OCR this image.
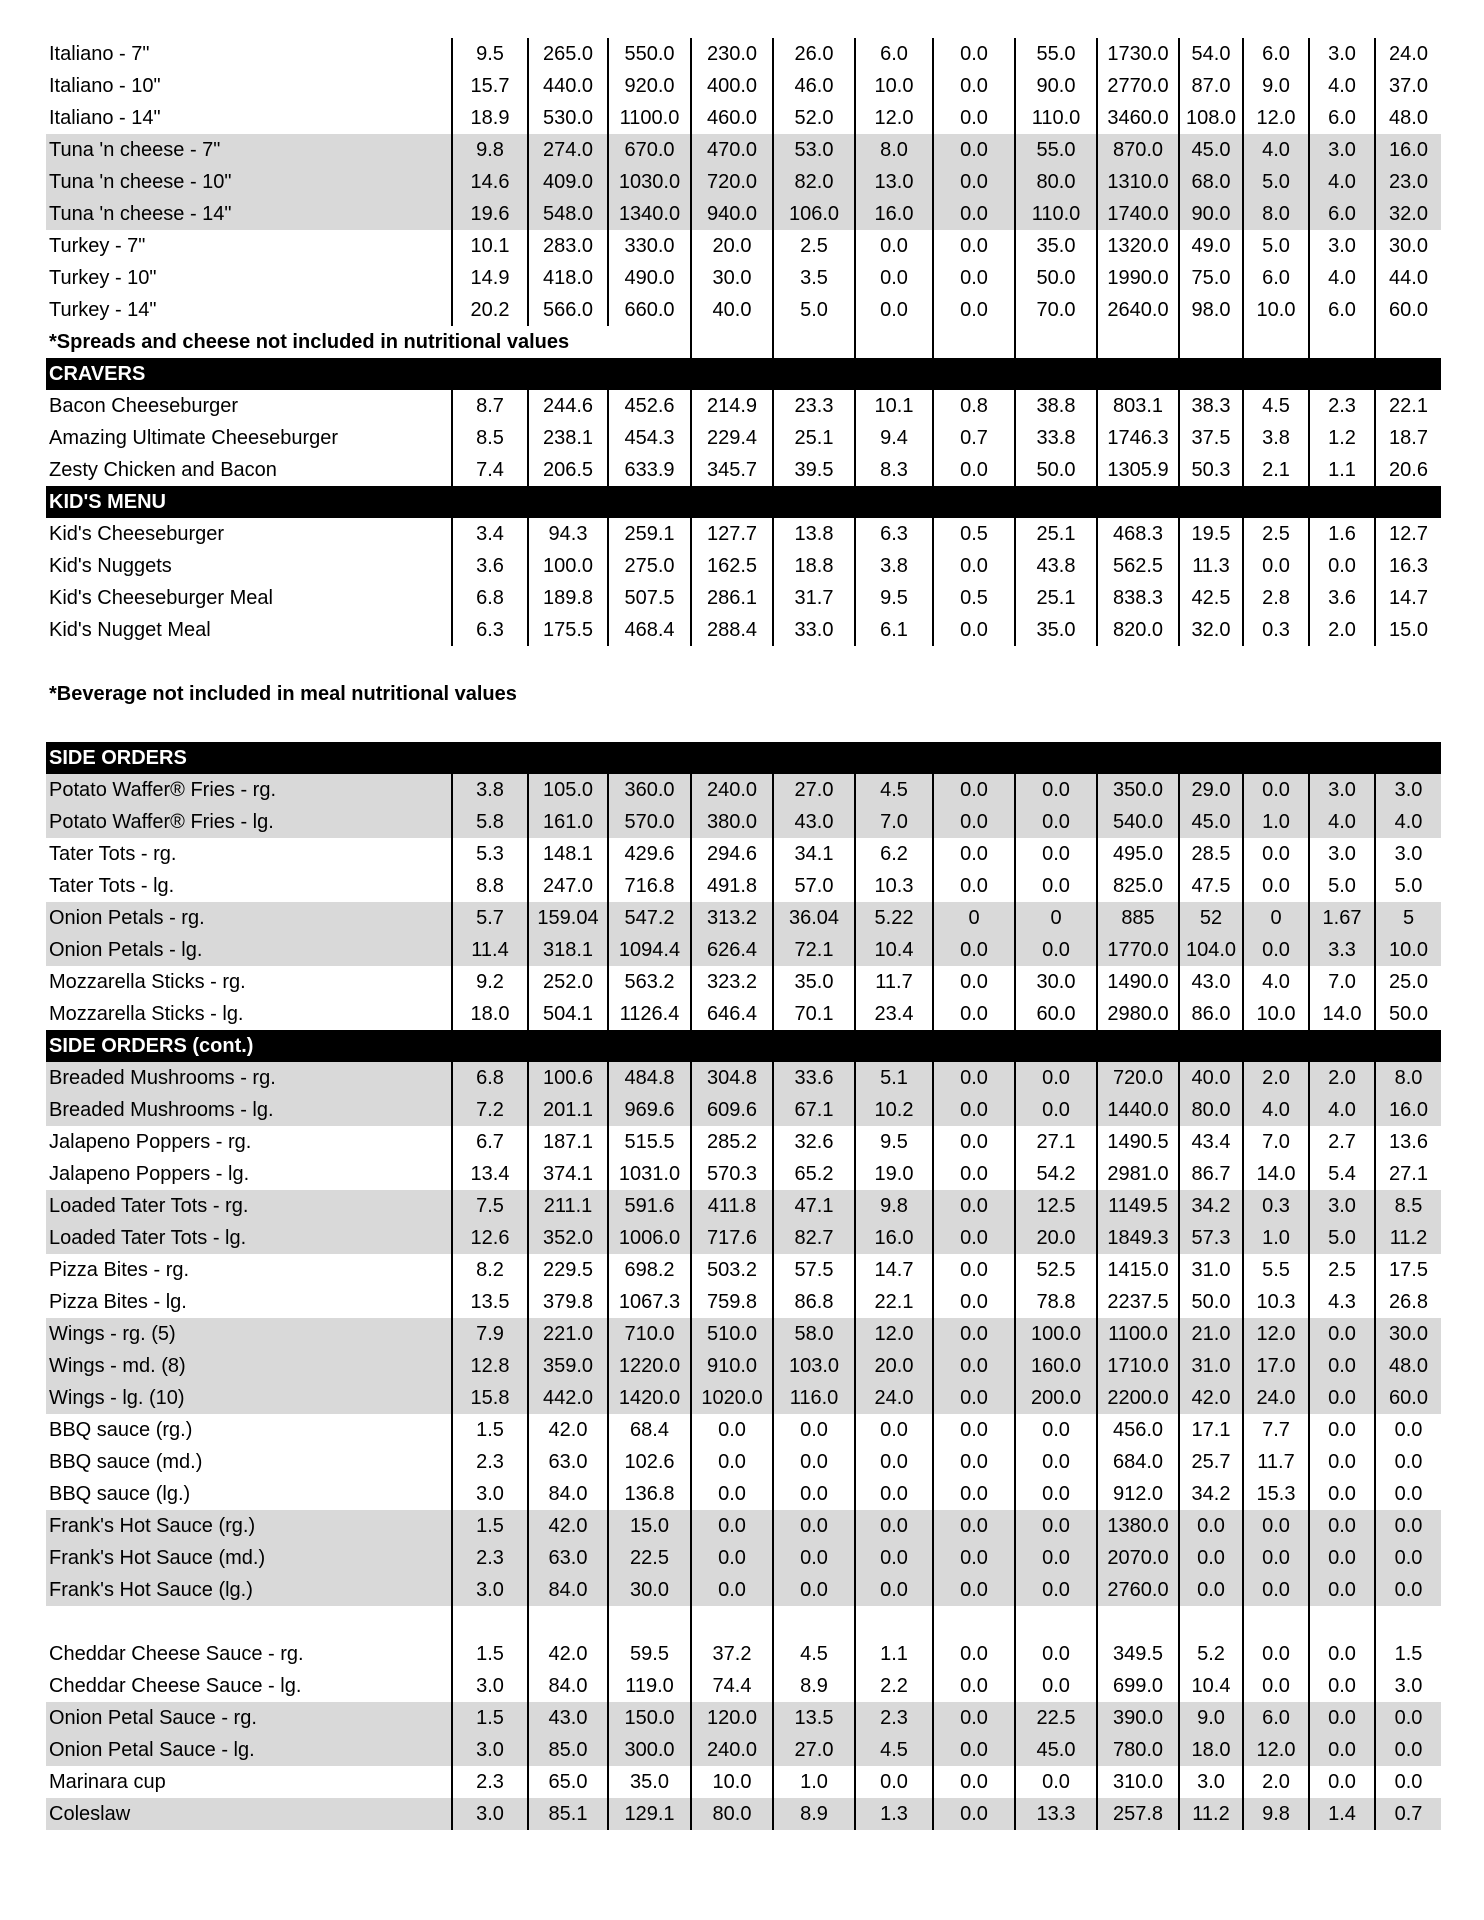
Italiano - 7"	9.5	265.0	550.0	230.0	26.0	6.0	0.0	55.0	1730.0	54.0	6.0	3.0	24.0
Italiano - 10"	15.7	440.0	920.0	400.0	46.0	10.0	0.0	90.0	2770.0	87.0	9.0	4.0	37.0
Italiano - 14"	18.9	530.0	1100.0	460.0	52.0	12.0	0.0	110.0	3460.0	108.0	12.0	6.0	48.0
Tuna 'n cheese - 7"	9.8	274.0	670.0	470.0	53.0	8.0	0.0	55.0	870.0	45.0	4.0	3.0	16.0
Tuna 'n cheese - 10"	14.6	409.0	1030.0	720.0	82.0	13.0	0.0	80.0	1310.0	68.0	5.0	4.0	23.0
Tuna 'n cheese - 14"	19.6	548.0	1340.0	940.0	106.0	16.0	0.0	110.0	1740.0	90.0	8.0	6.0	32.0
Turkey - 7"	10.1	283.0	330.0	20.0	2.5	0.0	0.0	35.0	1320.0	49.0	5.0	3.0	30.0
Turkey - 10"	14.9	418.0	490.0	30.0	3.5	0.0	0.0	50.0	1990.0	75.0	6.0	4.0	44.0
Turkey - 14"	20.2	566.0	660.0	40.0	5.0	0.0	0.0	70.0	2640.0	98.0	10.0	6.0	60.0
*Spreads and cheese not included in nutritional values													
CRAVERS													
Bacon Cheeseburger	8.7	244.6	452.6	214.9	23.3	10.1	0.8	38.8	803.1	38.3	4.5	2.3	22.1
Amazing Ultimate Cheeseburger	8.5	238.1	454.3	229.4	25.1	9.4	0.7	33.8	1746.3	37.5	3.8	1.2	18.7
Zesty Chicken and Bacon	7.4	206.5	633.9	345.7	39.5	8.3	0.0	50.0	1305.9	50.3	2.1	1.1	20.6
KID'S MENU													
Kid's Cheeseburger	3.4	94.3	259.1	127.7	13.8	6.3	0.5	25.1	468.3	19.5	2.5	1.6	12.7
Kid's Nuggets	3.6	100.0	275.0	162.5	18.8	3.8	0.0	43.8	562.5	11.3	0.0	0.0	16.3
Kid's Cheeseburger Meal	6.8	189.8	507.5	286.1	31.7	9.5	0.5	25.1	838.3	42.5	2.8	3.6	14.7
Kid's Nugget Meal	6.3	175.5	468.4	288.4	33.0	6.1	0.0	35.0	820.0	32.0	0.3	2.0	15.0

*Beverage not included in meal nutritional values													

SIDE ORDERS													
Potato Waffer® Fries - rg.	3.8	105.0	360.0	240.0	27.0	4.5	0.0	0.0	350.0	29.0	0.0	3.0	3.0
Potato Waffer® Fries - lg.	5.8	161.0	570.0	380.0	43.0	7.0	0.0	0.0	540.0	45.0	1.0	4.0	4.0
Tater Tots - rg.	5.3	148.1	429.6	294.6	34.1	6.2	0.0	0.0	495.0	28.5	0.0	3.0	3.0
Tater Tots - lg.	8.8	247.0	716.8	491.8	57.0	10.3	0.0	0.0	825.0	47.5	0.0	5.0	5.0
Onion Petals - rg.	5.7	159.04	547.2	313.2	36.04	5.22	0	0	885	52	0	1.67	5
Onion Petals - lg.	11.4	318.1	1094.4	626.4	72.1	10.4	0.0	0.0	1770.0	104.0	0.0	3.3	10.0
Mozzarella Sticks - rg.	9.2	252.0	563.2	323.2	35.0	11.7	0.0	30.0	1490.0	43.0	4.0	7.0	25.0
Mozzarella Sticks - lg.	18.0	504.1	1126.4	646.4	70.1	23.4	0.0	60.0	2980.0	86.0	10.0	14.0	50.0
SIDE ORDERS (cont.)													
Breaded Mushrooms - rg.	6.8	100.6	484.8	304.8	33.6	5.1	0.0	0.0	720.0	40.0	2.0	2.0	8.0
Breaded Mushrooms - lg.	7.2	201.1	969.6	609.6	67.1	10.2	0.0	0.0	1440.0	80.0	4.0	4.0	16.0
Jalapeno Poppers - rg.	6.7	187.1	515.5	285.2	32.6	9.5	0.0	27.1	1490.5	43.4	7.0	2.7	13.6
Jalapeno Poppers - lg.	13.4	374.1	1031.0	570.3	65.2	19.0	0.0	54.2	2981.0	86.7	14.0	5.4	27.1
Loaded Tater Tots - rg.	7.5	211.1	591.6	411.8	47.1	9.8	0.0	12.5	1149.5	34.2	0.3	3.0	8.5
Loaded Tater Tots - lg.	12.6	352.0	1006.0	717.6	82.7	16.0	0.0	20.0	1849.3	57.3	1.0	5.0	11.2
Pizza Bites - rg.	8.2	229.5	698.2	503.2	57.5	14.7	0.0	52.5	1415.0	31.0	5.5	2.5	17.5
Pizza Bites - lg.	13.5	379.8	1067.3	759.8	86.8	22.1	0.0	78.8	2237.5	50.0	10.3	4.3	26.8
Wings - rg. (5)	7.9	221.0	710.0	510.0	58.0	12.0	0.0	100.0	1100.0	21.0	12.0	0.0	30.0
Wings - md. (8)	12.8	359.0	1220.0	910.0	103.0	20.0	0.0	160.0	1710.0	31.0	17.0	0.0	48.0
Wings - lg. (10)	15.8	442.0	1420.0	1020.0	116.0	24.0	0.0	200.0	2200.0	42.0	24.0	0.0	60.0
BBQ sauce (rg.)	1.5	42.0	68.4	0.0	0.0	0.0	0.0	0.0	456.0	17.1	7.7	0.0	0.0
BBQ sauce (md.)	2.3	63.0	102.6	0.0	0.0	0.0	0.0	0.0	684.0	25.7	11.7	0.0	0.0
BBQ sauce (lg.)	3.0	84.0	136.8	0.0	0.0	0.0	0.0	0.0	912.0	34.2	15.3	0.0	0.0
Frank's Hot Sauce (rg.)	1.5	42.0	15.0	0.0	0.0	0.0	0.0	0.0	1380.0	0.0	0.0	0.0	0.0
Frank's Hot Sauce (md.)	2.3	63.0	22.5	0.0	0.0	0.0	0.0	0.0	2070.0	0.0	0.0	0.0	0.0
Frank's Hot Sauce (lg.)	3.0	84.0	30.0	0.0	0.0	0.0	0.0	0.0	2760.0	0.0	0.0	0.0	0.0

Cheddar Cheese Sauce - rg.	1.5	42.0	59.5	37.2	4.5	1.1	0.0	0.0	349.5	5.2	0.0	0.0	1.5
Cheddar Cheese Sauce - lg.	3.0	84.0	119.0	74.4	8.9	2.2	0.0	0.0	699.0	10.4	0.0	0.0	3.0
Onion Petal Sauce - rg.	1.5	43.0	150.0	120.0	13.5	2.3	0.0	22.5	390.0	9.0	6.0	0.0	0.0
Onion Petal Sauce - lg.	3.0	85.0	300.0	240.0	27.0	4.5	0.0	45.0	780.0	18.0	12.0	0.0	0.0
Marinara cup	2.3	65.0	35.0	10.0	1.0	0.0	0.0	0.0	310.0	3.0	2.0	0.0	0.0
Coleslaw	3.0	85.1	129.1	80.0	8.9	1.3	0.0	13.3	257.8	11.2	9.8	1.4	0.7
